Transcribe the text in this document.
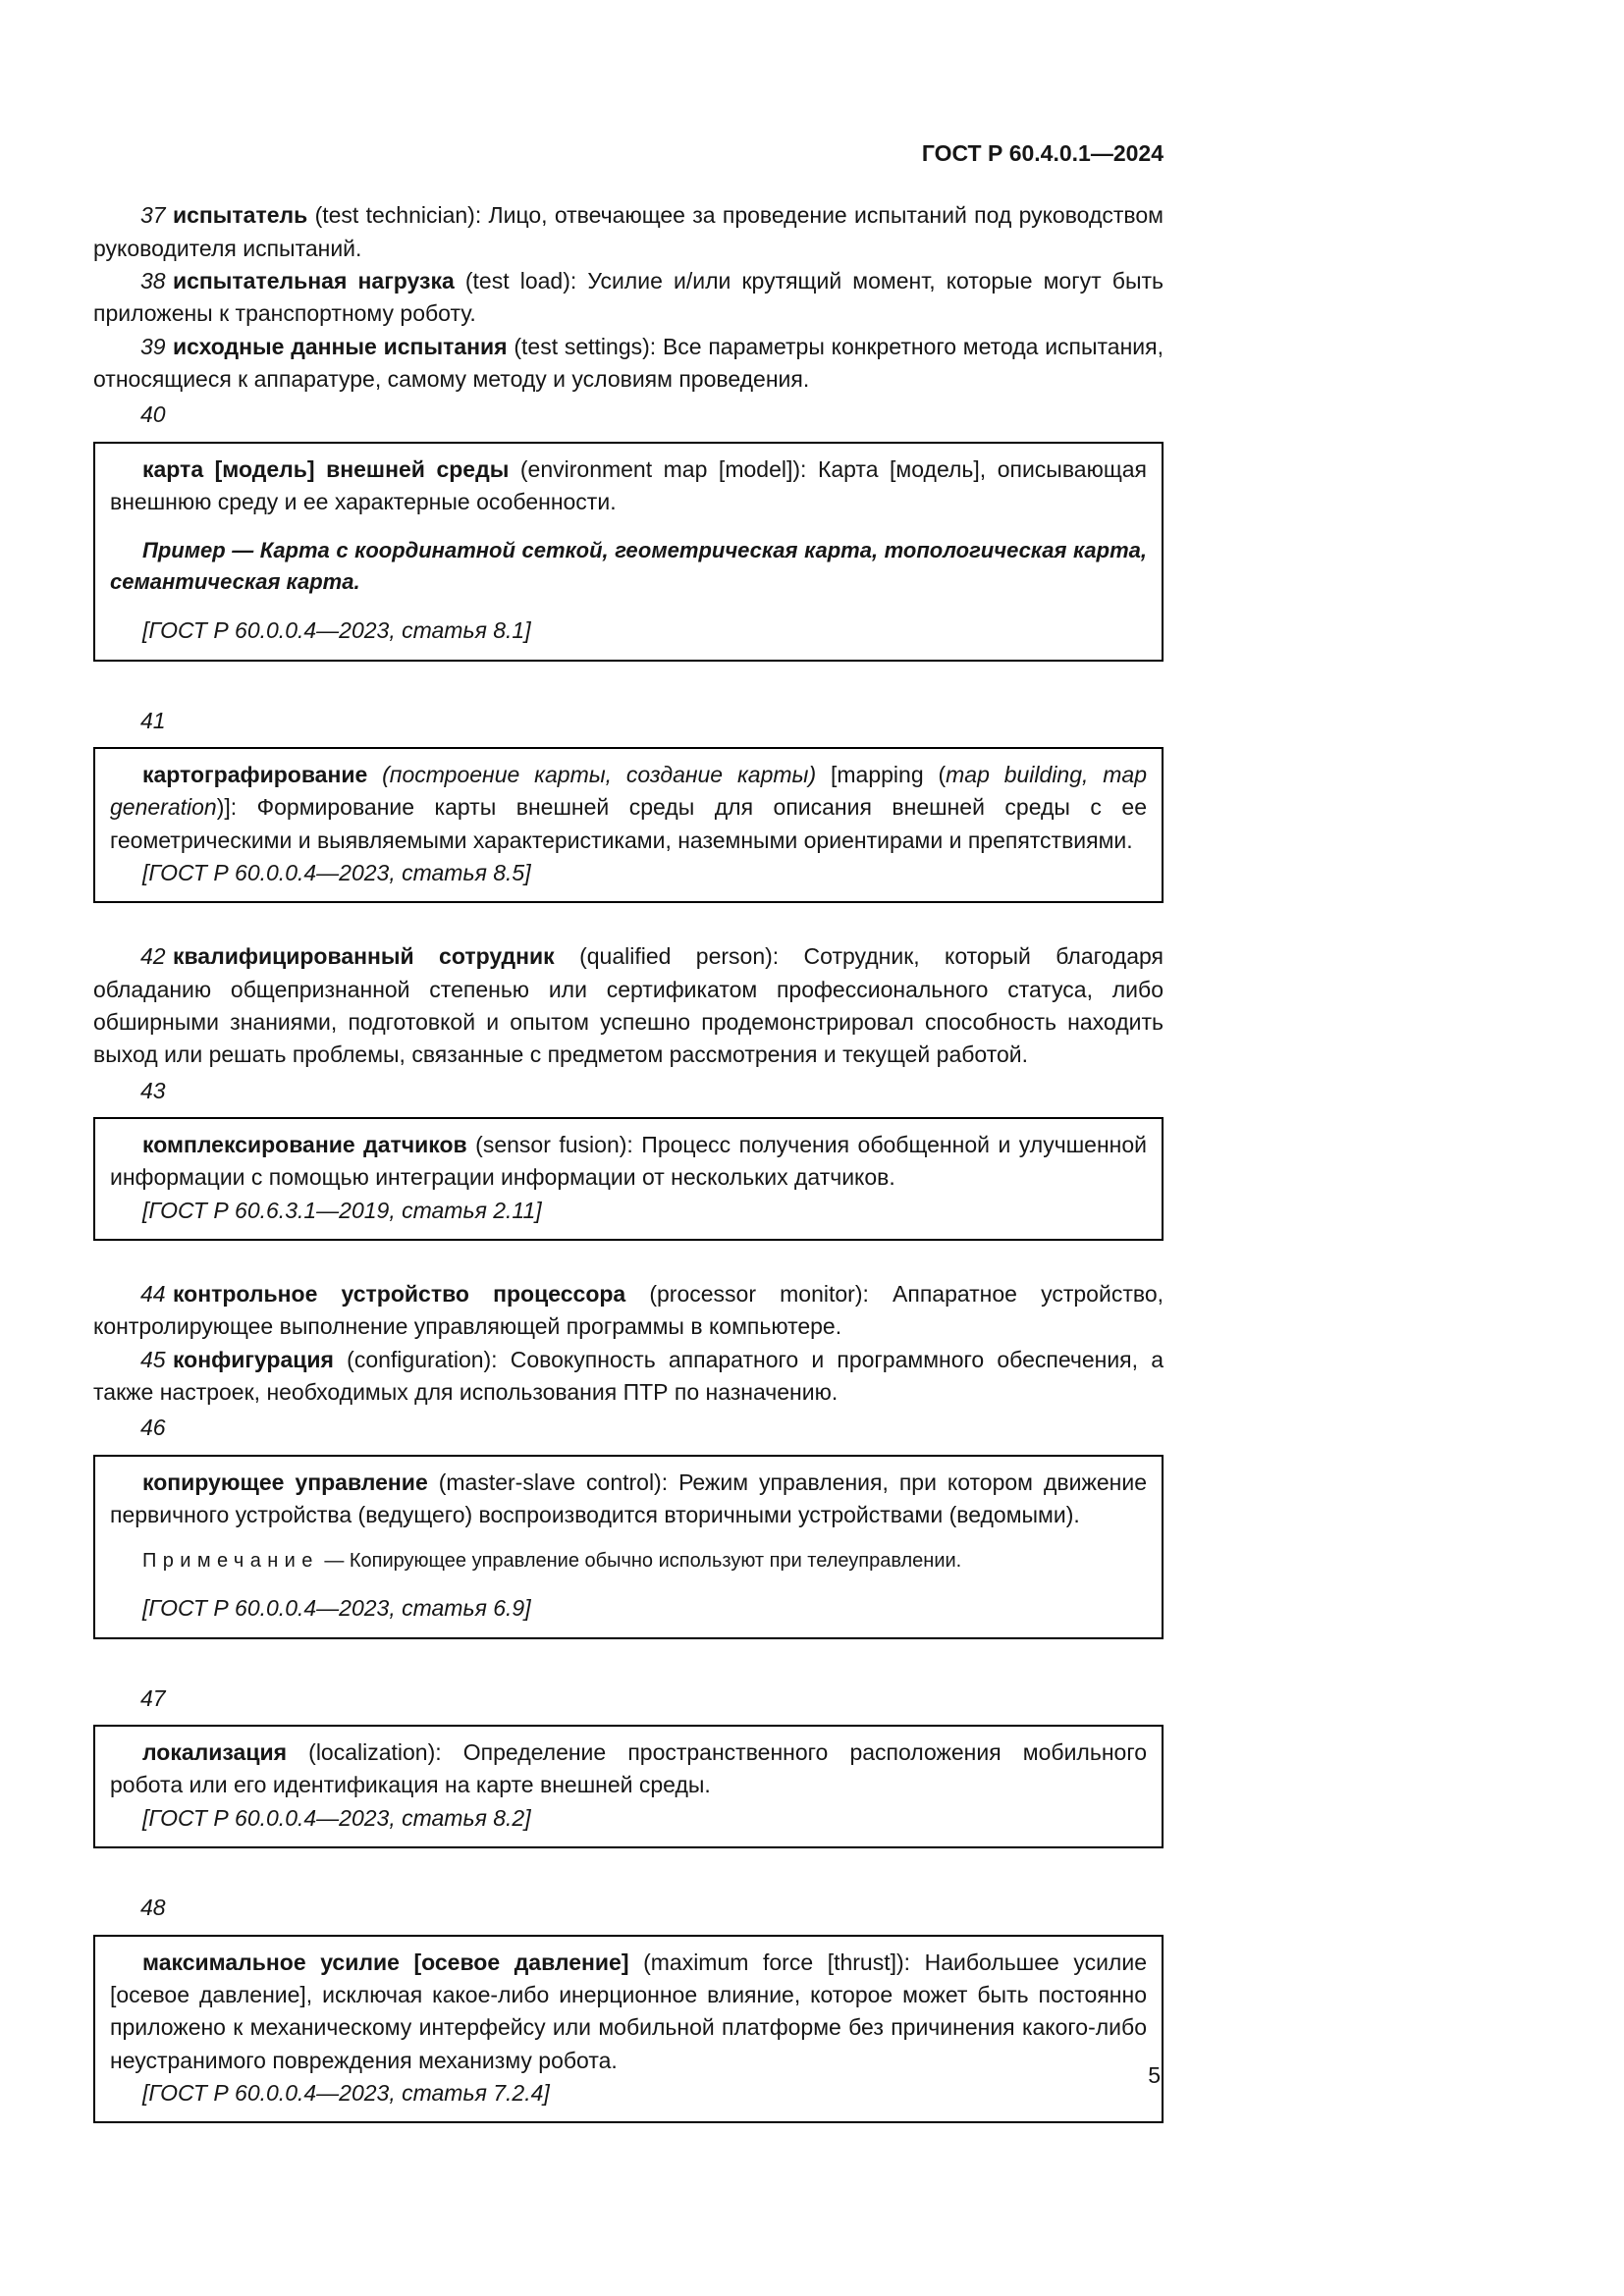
ГОСТ Р 60.4.0.1—2024

37 испытатель (test technician): Лицо, отвечающее за проведение испытаний под руководством руководителя испытаний.

38 испытательная нагрузка (test load): Усилие и/или крутящий момент, которые могут быть приложены к транспортному роботу.

39 исходные данные испытания (test settings): Все параметры конкретного метода испытания, относящиеся к аппаратуре, самому методу и условиям проведения.

40

карта [модель] внешней среды (environment map [model]): Карта [модель], описывающая внешнюю среду и ее характерные особенности.

Пример — Карта с координатной сеткой, геометрическая карта, топологическая карта, семантическая карта.

[ГОСТ Р 60.0.0.4—2023, статья 8.1]

41

картографирование (построение карты, создание карты) [mapping (map building, map generation)]: Формирование карты внешней среды для описания внешней среды с ее геометрическими и выявляемыми характеристиками, наземными ориентирами и препятствиями.

[ГОСТ Р 60.0.0.4—2023, статья 8.5]

42 квалифицированный сотрудник (qualified person): Сотрудник, который благодаря обладанию общепризнанной степенью или сертификатом профессионального статуса, либо обширными знаниями, подготовкой и опытом успешно продемонстрировал способность находить выход или решать проблемы, связанные с предметом рассмотрения и текущей работой.

43

комплексирование датчиков (sensor fusion): Процесс получения обобщенной и улучшенной информации с помощью интеграции информации от нескольких датчиков.

[ГОСТ Р 60.6.3.1—2019, статья 2.11]

44 контрольное устройство процессора (processor monitor): Аппаратное устройство, контролирующее выполнение управляющей программы в компьютере.

45 конфигурация (configuration): Совокупность аппаратного и программного обеспечения, а также настроек, необходимых для использования ПТР по назначению.

46

копирующее управление (master-slave control): Режим управления, при котором движение первичного устройства (ведущего) воспроизводится вторичными устройствами (ведомыми).

Примечание — Копирующее управление обычно используют при телеуправлении.

[ГОСТ Р 60.0.0.4—2023, статья 6.9]

47

локализация (localization): Определение пространственного расположения мобильного робота или его идентификация на карте внешней среды.

[ГОСТ Р 60.0.0.4—2023, статья 8.2]

48

максимальное усилие [осевое давление] (maximum force [thrust]): Наибольшее усилие [осевое давление], исключая какое-либо инерционное влияние, которое может быть постоянно приложено к механическому интерфейсу или мобильной платформе без причинения какого-либо неустранимого повреждения механизму робота.

[ГОСТ Р 60.0.0.4—2023, статья 7.2.4]

5
